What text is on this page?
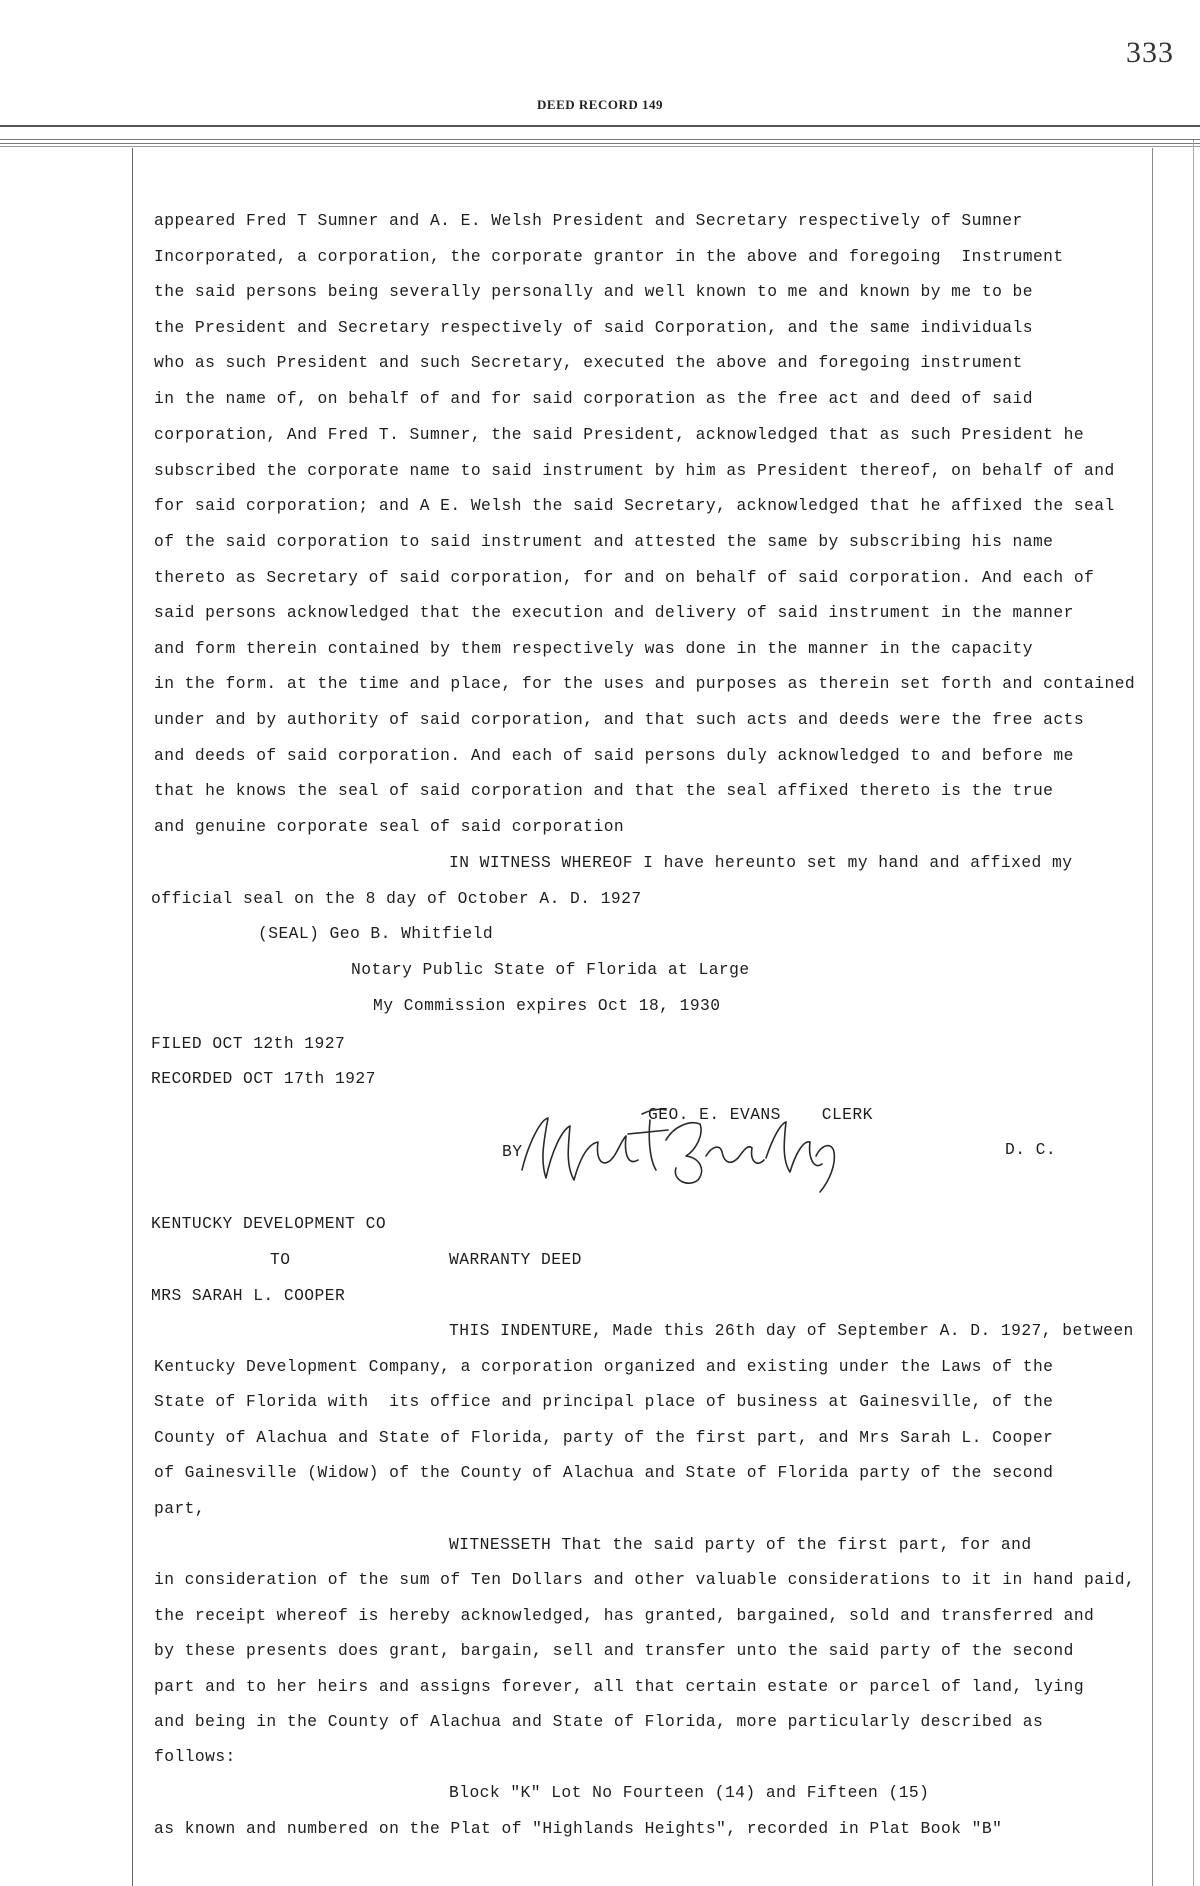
333
DEED RECORD 149
appeared Fred T Sumner and A. E. Welsh President and Secretary respectively of Sumner
Incorporated, a corporation, the corporate grantor in the above and foregoing  Instrument
the said persons being severally personally and well known to me and known by me to be
the President and Secretary respectively of said Corporation, and the same individuals
who as such President and such Secretary, executed the above and foregoing instrument
in the name of, on behalf of and for said corporation as the free act and deed of said
corporation, And Fred T. Sumner, the said President, acknowledged that as such President he
subscribed the corporate name to said instrument by him as President thereof, on behalf of and
for said corporation; and A E. Welsh the said Secretary, acknowledged that he affixed the seal
of the said corporation to said instrument and attested the same by subscribing his name
thereto as Secretary of said corporation, for and on behalf of said corporation. And each of
said persons acknowledged that the execution and delivery of said instrument in the manner
and form therein contained by them respectively was done in the manner in the capacity
in the form. at the time and place, for the uses and purposes as therein set forth and contained
under and by authority of said corporation, and that such acts and deeds were the free acts
and deeds of said corporation. And each of said persons duly acknowledged to and before me
that he knows the seal of said corporation and that the seal affixed thereto is the true
and genuine corporate seal of said corporation
IN WITNESS WHEREOF I have hereunto set my hand and affixed my
official seal on the 8 day of October A. D. 1927
(SEAL) Geo B. Whitfield
Notary Public State of Florida at Large
My Commission expires Oct 18, 1930
FILED OCT 12th 1927
RECORDED OCT 17th 1927
GEO. E. EVANS    CLERK
BY	D. C.
KENTUCKY DEVELOPMENT CO
TO	WARRANTY DEED
MRS SARAH L. COOPER
THIS INDENTURE, Made this 26th day of September A. D. 1927, between
Kentucky Development Company, a corporation organized and existing under the Laws of the
State of Florida with  its office and principal place of business at Gainesville, of the
County of Alachua and State of Florida, party of the first part, and Mrs Sarah L. Cooper
of Gainesville (Widow) of the County of Alachua and State of Florida party of the second
part,
WITNESSETH That the said party of the first part, for and
in consideration of the sum of Ten Dollars and other valuable considerations to it in hand paid,
the receipt whereof is hereby acknowledged, has granted, bargained, sold and transferred and
by these presents does grant, bargain, sell and transfer unto the said party of the second
part and to her heirs and assigns forever, all that certain estate or parcel of land, lying
and being in the County of Alachua and State of Florida, more particularly described as
follows:
Block "K" Lot No Fourteen (14) and Fifteen (15)
as known and numbered on the Plat of "Highlands Heights", recorded in Plat Book "B"
